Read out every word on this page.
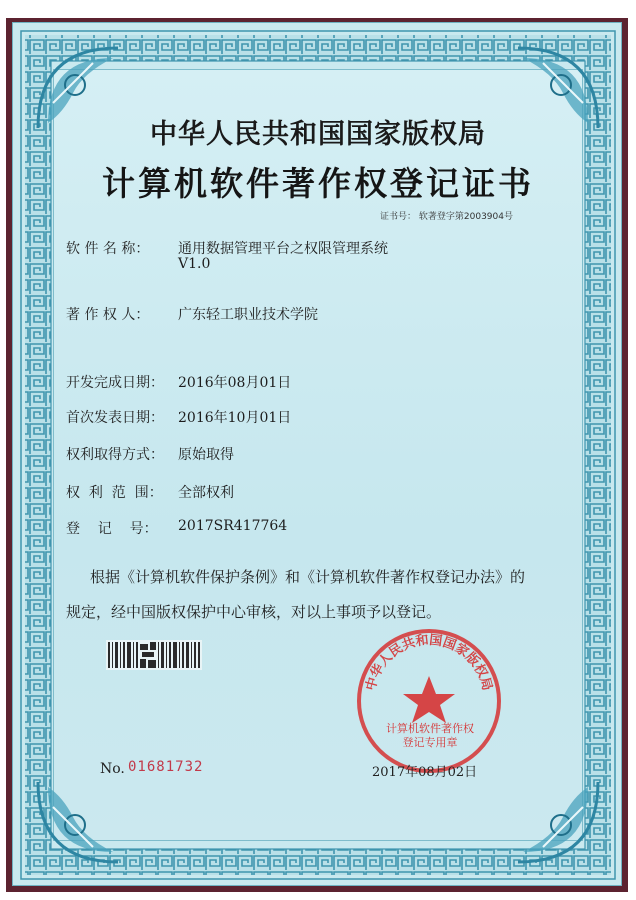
中华人民共和国国家版权局
计算机软件著作权登记证书
证书号： 软著登字第2003904号
软 件 名 称： 通用数据管理平台之权限管理系统
V1.0
著 作 权 人： 广东轻工职业技术学院
开发完成日期： 2016年08月01日
首次发表日期： 2016年10月01日
权利取得方式： 原始取得
权  利  范  围： 全部权利
登    记    号： 2017SR417764
根据《计算机软件保护条例》和《计算机软件著作权登记办法》的
规定，经中国版权保护中心审核，对以上事项予以登记。
中华人民共和国国家版权局
计算机软件著作权
登记专用章
No. 01681732	2017年08月02日
